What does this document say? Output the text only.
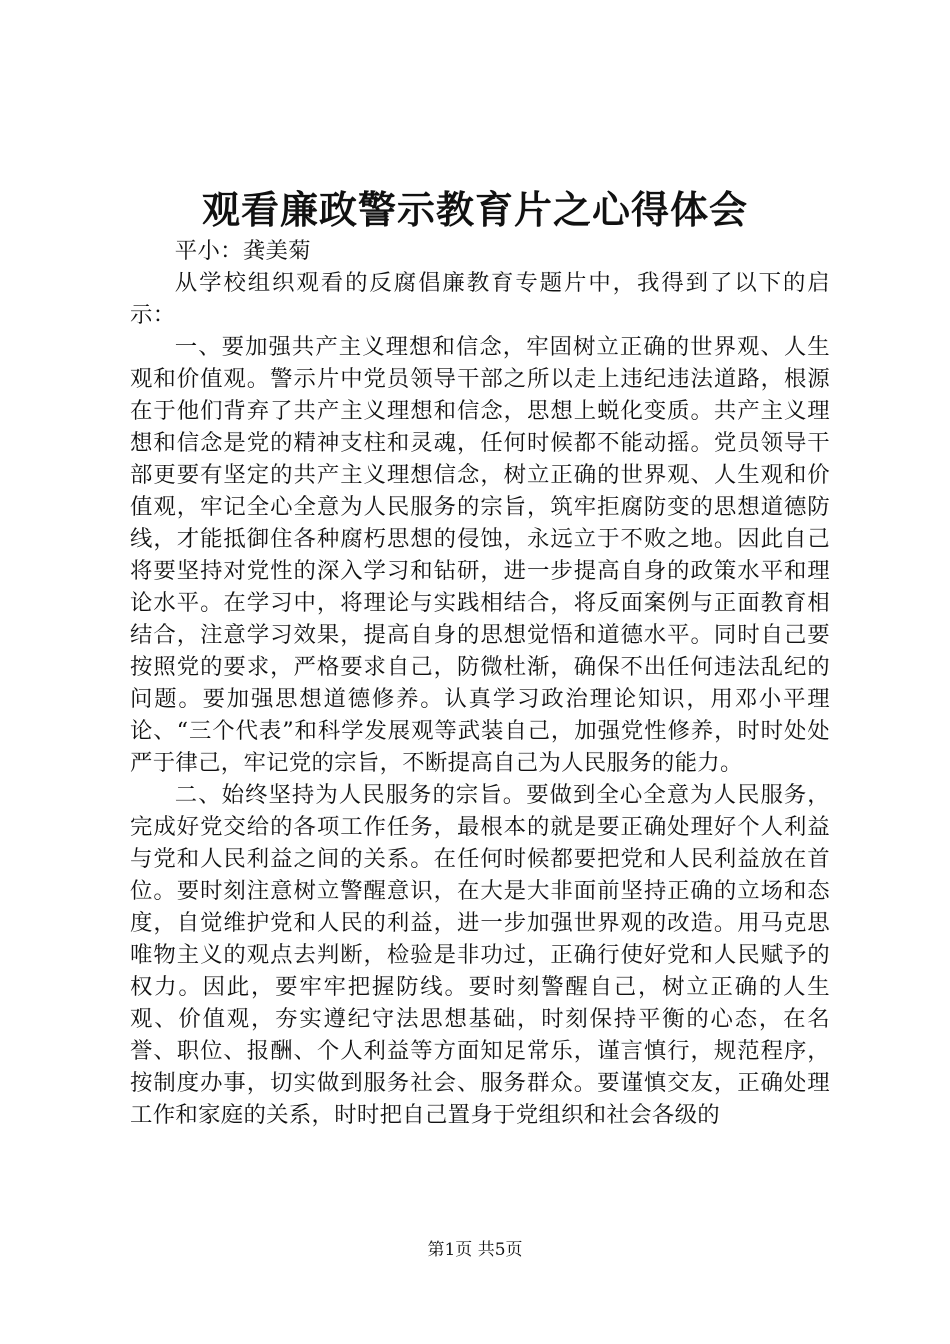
观看廉政警示教育片之心得体会

平小：龚美菊

从学校组织观看的反腐倡廉教育专题片中，我得到了以下的启示：

一、要加强共产主义理想和信念，牢固树立正确的世界观、人生观和价值观。警示片中党员领导干部之所以走上违纪违法道路，根源在于他们背弃了共产主义理想和信念，思想上蜕化变质。共产主义理想和信念是党的精神支柱和灵魂，任何时候都不能动摇。党员领导干部更要有坚定的共产主义理想信念，树立正确的世界观、人生观和价值观，牢记全心全意为人民服务的宗旨，筑牢拒腐防变的思想道德防线，才能抵御住各种腐朽思想的侵蚀，永远立于不败之地。因此自己将要坚持对党性的深入学习和钻研，进一步提高自身的政策水平和理论水平。在学习中，将理论与实践相结合，将反面案例与正面教育相结合，注意学习效果，提高自身的思想觉悟和道德水平。同时自己要按照党的要求，严格要求自己，防微杜渐，确保不出任何违法乱纪的问题。要加强思想道德修养。认真学习政治理论知识，用邓小平理论、“三个代表”和科学发展观等武装自己，加强党性修养，时时处处严于律己，牢记党的宗旨，不断提高自己为人民服务的能力。

二、始终坚持为人民服务的宗旨。要做到全心全意为人民服务，完成好党交给的各项工作任务，最根本的就是要正确处理好个人利益与党和人民利益之间的关系。在任何时候都要把党和人民利益放在首位。要时刻注意树立警醒意识，在大是大非面前坚持正确的立场和态度，自觉维护党和人民的利益，进一步加强世界观的改造。用马克思唯物主义的观点去判断，检验是非功过，正确行使好党和人民赋予的权力。因此，要牢牢把握防线。要时刻警醒自己，树立正确的人生观、价值观，夯实遵纪守法思想基础，时刻保持平衡的心态，在名誉、职位、报酬、个人利益等方面知足常乐，谨言慎行，规范程序，按制度办事，切实做到服务社会、服务群众。要谨慎交友，正确处理工作和家庭的关系，时时把自己置身于党组织和社会各级的

第1页 共5页
